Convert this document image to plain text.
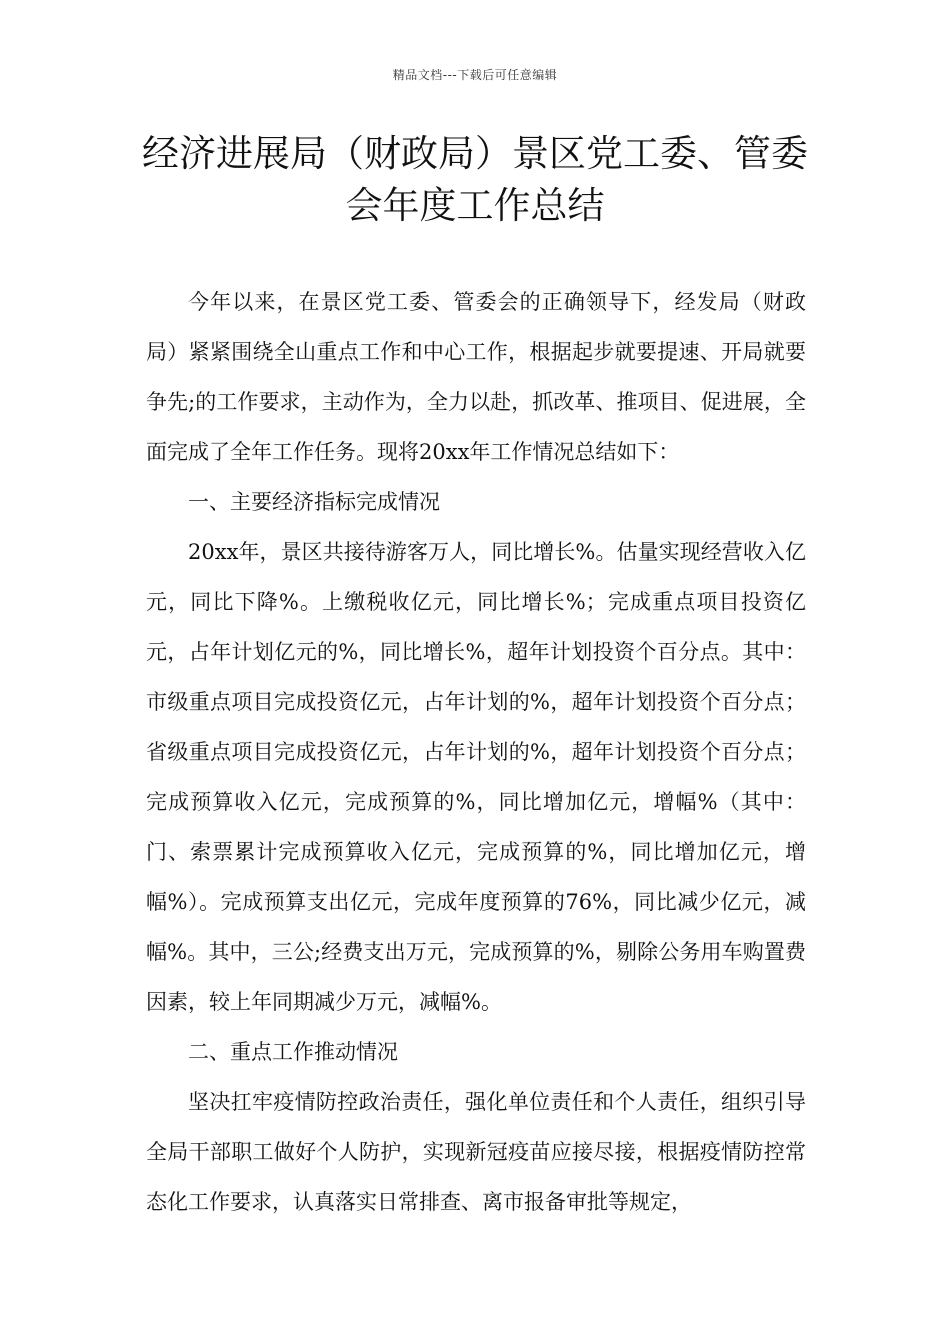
精品文档---下载后可任意编辑
经济进展局（财政局）景区党工委、管委会年度工作总结

今年以来，在景区党工委、管委会的正确领导下，经发局（财政局）紧紧围绕全山重点工作和中心工作，根据起步就要提速、开局就要争先;的工作要求，主动作为，全力以赴，抓改革、推项目、促进展，全面完成了全年工作任务。现将20xx年工作情况总结如下：

一、主要经济指标完成情况

20xx年，景区共接待游客万人，同比增长%。估量实现经营收入亿元，同比下降%。上缴税收亿元，同比增长%；完成重点项目投资亿元，占年计划亿元的%，同比增长%，超年计划投资个百分点。其中：市级重点项目完成投资亿元，占年计划的%，超年计划投资个百分点；省级重点项目完成投资亿元，占年计划的%，超年计划投资个百分点；完成预算收入亿元，完成预算的%，同比增加亿元，增幅%（其中：门、索票累计完成预算收入亿元，完成预算的%，同比增加亿元，增幅%）。完成预算支出亿元，完成年度预算的76%，同比减少亿元，减幅%。其中，三公;经费支出万元，完成预算的%，剔除公务用车购置费因素，较上年同期减少万元，减幅%。

二、重点工作推动情况

坚决扛牢疫情防控政治责任，强化单位责任和个人责任，组织引导全局干部职工做好个人防护，实现新冠疫苗应接尽接，根据疫情防控常态化工作要求，认真落实日常排查、离市报备审批等规定，
